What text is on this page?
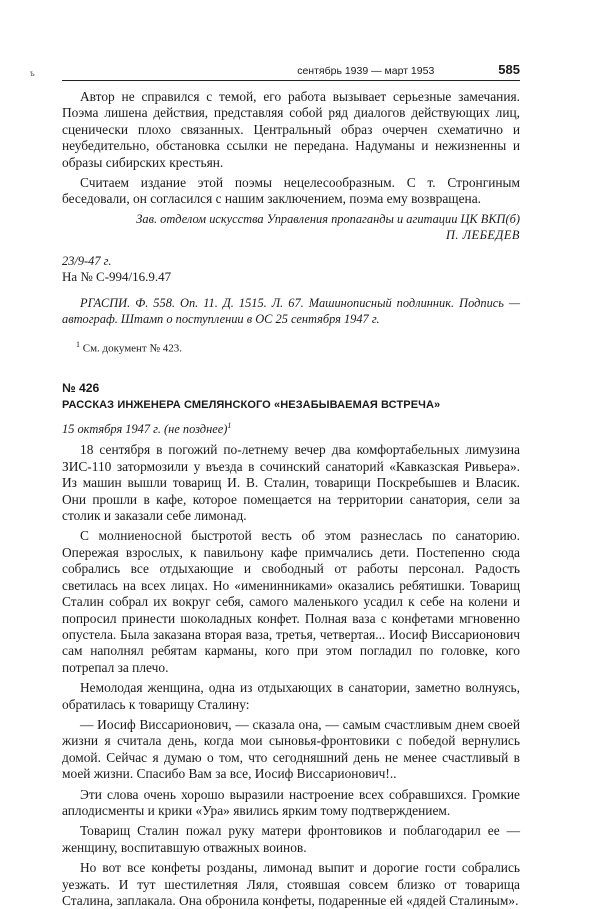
ъ	сентябрь 1939 — март 1953	585

Автор не справился с темой, его работа вызывает серьезные замечания. Поэма лишена действия, представляя собой ряд диалогов действующих лиц, сценически плохо связанных. Центральный образ очерчен схематично и неубедительно, обстановка ссылки не передана. Надуманы и нежизненны и образы сибирских крестьян.

Считаем издание этой поэмы нецелесообразным. С т. Стронгиным беседовали, он согласился с нашим заключением, поэма ему возвращена.

Зав. отделом искусства Управления пропаганды и агитации ЦК ВКП(б)
П. ЛЕБЕДЕВ
23/9-47 г.
На № С-994/16.9.47

РГАСПИ. Ф. 558. Оп. 11. Д. 1515. Л. 67. Машинописный подлинник. Подпись — автограф. Штамп о поступлении в ОС 25 сентября 1947 г.

$^1$ См. документ № 423.
№ 426
РАССКАЗ ИНЖЕНЕРА СМЕЛЯНСКОГО «НЕЗАБЫВАЕМАЯ ВСТРЕЧА»
15 октября 1947 г. (не позднее)$^1$

18 сентября в погожий по-летнему вечер два комфортабельных лимузина ЗИС-110 затормозили у въезда в сочинский санаторий «Кавказская Ривьера». Из машин вышли товарищ И. В. Сталин, товарищи Поскребышев и Власик. Они прошли в кафе, которое помещается на территории санатория, сели за столик и заказали себе лимонад.

С молниеносной быстротой весть об этом разнеслась по санаторию. Опережая взрослых, к павильону кафе примчались дети. Постепенно сюда собрались все отдыхающие и свободный от работы персонал. Радость светилась на всех лицах. Но «именинниками» оказались ребятишки. Товарищ Сталин собрал их вокруг себя, самого маленького усадил к себе на колени и попросил принести шоколадных конфет. Полная ваза с конфетами мгновенно опустела. Была заказана вторая ваза, третья, четвертая... Иосиф Виссарионович сам наполнял ребятам карманы, кого при этом погладил по головке, кого потрепал за плечо.

Немолодая женщина, одна из отдыхающих в санатории, заметно волнуясь, обратилась к товарищу Сталину:

— Иосиф Виссарионович, — сказала она, — самым счастливым днем своей жизни я считала день, когда мои сыновья-фронтовики с победой вернулись домой. Сейчас я думаю о том, что сегодняшний день не менее счастливый в моей жизни. Спасибо Вам за все, Иосиф Виссарионович!..

Эти слова очень хорошо выразили настроение всех собравшихся. Громкие аплодисменты и крики «Ура» явились ярким тому подтверждением.

Товарищ Сталин пожал руку матери фронтовиков и поблагодарил ее — женщину, воспитавшую отважных воинов.

Но вот все конфеты розданы, лимонад выпит и дорогие гости собрались уезжать. И тут шестилетняя Ляля, стоявшая совсем близко от товарища Сталина, заплакала. Она обронила конфеты, подаренные ей «дядей Сталиным».
